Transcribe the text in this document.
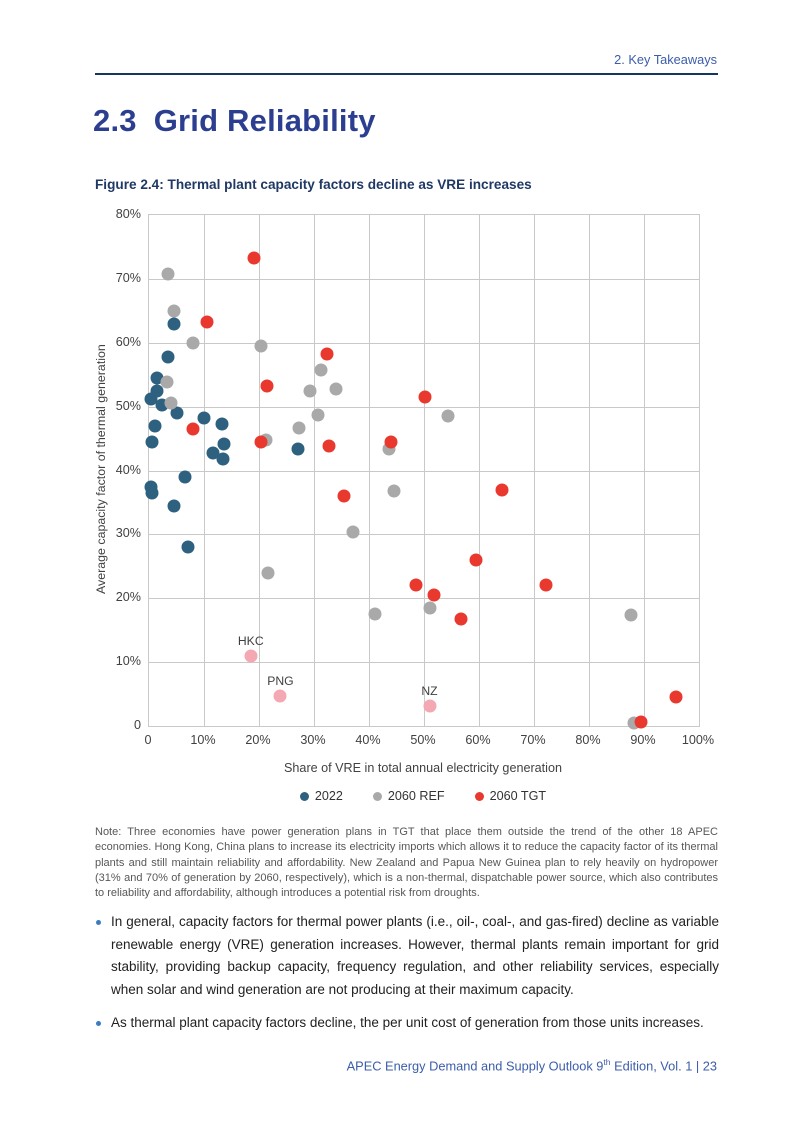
2. Key Takeaways
2.3 Grid Reliability
Figure 2.4: Thermal plant capacity factors decline as VRE increases
Average capacity factor of thermal generation
HKC
PNG
NZ
0	10% 20% 30% 40% 50% 60% 70% 80% 90% 100%
0
10%
20%
30%
40%
50%
60%
70%
80%
Share of VRE in total annual electricity generation
2022	2060 REF	2060 TGT

Note: Three economies have power generation plans in TGT that place them outside the trend of the other 18 APEC economies. Hong Kong, China plans to increase its electricity imports which allows it to reduce the capacity factor of its thermal plants and still maintain reliability and affordability. New Zealand and Papua New Guinea plan to rely heavily on hydropower (31% and 70% of generation by 2060, respectively), which is a non-thermal, dispatchable power source, which also contributes to reliability and affordability, although introduces a potential risk from droughts.

In general, capacity factors for thermal power plants (i.e., oil-, coal-, and gas-fired) decline as variable renewable energy (VRE) generation increases. However, thermal plants remain important for grid stability, providing backup capacity, frequency regulation, and other reliability services, especially when solar and wind generation are not producing at their maximum capacity.
As thermal plant capacity factors decline, the per unit cost of generation from those units increases.
APEC Energy Demand and Supply Outlook 9th Edition, Vol. 1 | 23
